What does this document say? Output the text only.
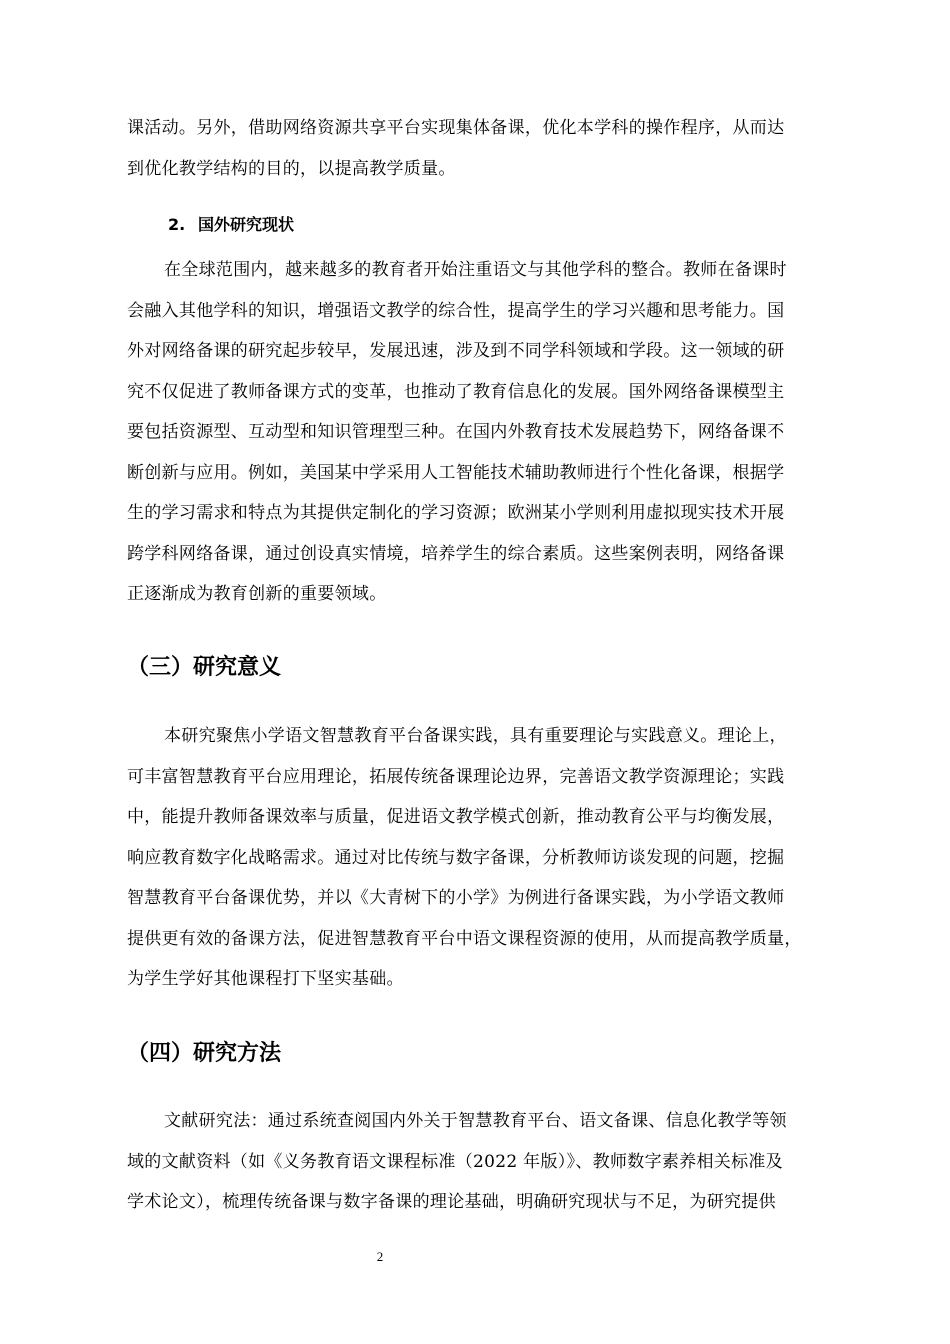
课活动。另外，借助网络资源共享平台实现集体备课，优化本学科的操作程序，从而达
到优化教学结构的目的，以提高教学质量。
2. 国外研究现状
在全球范围内，越来越多的教育者开始注重语文与其他学科的整合。教师在备课时
会融入其他学科的知识，增强语文教学的综合性，提高学生的学习兴趣和思考能力。国
外对网络备课的研究起步较早，发展迅速，涉及到不同学科领域和学段。这一领域的研
究不仅促进了教师备课方式的变革，也推动了教育信息化的发展。国外网络备课模型主
要包括资源型、互动型和知识管理型三种。在国内外教育技术发展趋势下，网络备课不
断创新与应用。例如，美国某中学采用人工智能技术辅助教师进行个性化备课，根据学
生的学习需求和特点为其提供定制化的学习资源；欧洲某小学则利用虚拟现实技术开展
跨学科网络备课，通过创设真实情境，培养学生的综合素质。这些案例表明，网络备课
正逐渐成为教育创新的重要领域。
（三）研究意义
本研究聚焦小学语文智慧教育平台备课实践，具有重要理论与实践意义。理论上，
可丰富智慧教育平台应用理论，拓展传统备课理论边界，完善语文教学资源理论；实践
中，能提升教师备课效率与质量，促进语文教学模式创新，推动教育公平与均衡发展，
响应教育数字化战略需求。通过对比传统与数字备课，分析教师访谈发现的问题，挖掘
智慧教育平台备课优势，并以《大青树下的小学》为例进行备课实践，为小学语文教师
提供更有效的备课方法，促进智慧教育平台中语文课程资源的使用，从而提高教学质量，
为学生学好其他课程打下坚实基础。
（四）研究方法
文献研究法：通过系统查阅国内外关于智慧教育平台、语文备课、信息化教学等领
域的文献资料（如《义务教育语文课程标准（2022 年版）》、教师数字素养相关标准及
学术论文），梳理传统备课与数字备课的理论基础，明确研究现状与不足，为研究提供
2
